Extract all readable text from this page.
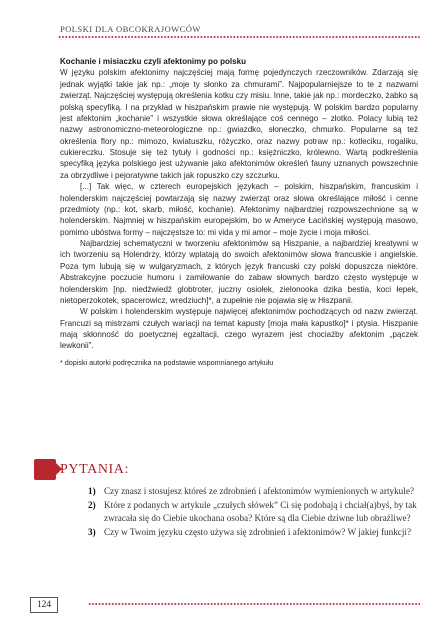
POLSKI DLA OBCOKRAJOWCÓW

Kochanie i misiaczku czyli afektonimy po polsku

W języku polskim afektonimy najczęściej mają formę pojedynczych rzeczowników. Zdarzają się jednak wyjątki takie jak np.: „moje ty słonko za chmurami”. Najpopularniejsze to te z nazwami zwierząt. Najczęściej występują określenia kotku czy misiu. Inne, takie jak np.: mordeczko, żabko są polską specyfiką. I na przykład w hiszpańskim prawie nie występują. W polskim bardzo popularny jest afektonim „kochanie” i wszystkie słowa określające coś cennego – złotko. Polacy lubią też nazwy astronomiczno-meteorologiczne np.: gwiazdko, słoneczko, chmurko. Popularne są też określenia flory np.: mimozo, kwiatuszku, różyczko, oraz nazwy potraw np.: kotleciku, rogaliku, cukiereczku. Stosuje się też tytuły i godności np.: księżniczko, królewno. Wartą podkreślenia specyfiką języka polskiego jest używanie jako afektonimów określeń fauny uznanych powszechnie za obrzydliwe i pejoratywne takich jak ropuszko czy szczurku.

[...] Tak więc, w czterech europejskich językach – polskim, hiszpańskim, francuskim i holenderskim najczęściej powtarzają się nazwy zwierząt oraz słowa określające miłość i cenne przedmioty (np.: kot, skarb, miłość, kochanie). Afektonimy najbardziej rozpowszechnione są w holenderskim. Najmniej w hiszpańskim europejskim, bo w Ameryce Łacińskiej występują masowo, pomimo ubóstwa formy – najczęstsze to: mi vida y mi amor – moje życie i moja miłości.

Najbardziej schematyczni w tworzeniu afektonimów są Hiszpanie, a najbardziej kreatywni w ich tworzeniu są Holendrzy, którzy wplatają do swoich afektonimów słowa francuskie i angielskie. Poza tym lubują się w wulgaryzmach, z których język francuski czy polski dopuszcza niektóre. Abstrakcyjne poczucie humoru i zamiłowanie do zabaw słownych bardzo często występuje w holenderskim [np. niedźwiedź globtroter, juczny osiołek, zielonooka dzika bestia, koci łepek, nietoperzokotek, spacerowicz, wredziuch]*, a zupełnie nie pojawia się w Hiszpanii.

W polskim i holenderskim występuje najwięcej afektonimów pochodzących od nazw zwierząt. Francuzi są mistrzami czułych wariacji na temat kapusty [moja mała kapustko]* i ptysia. Hiszpanie mają skłonność do poetycznej egzaltacji, czego wyrazem jest chociażby afektonim „pączek lewkonii”.

* dopiski autorki podręcznika na podstawie wspomnianego artykułu

PYTANIA:
1) Czy znasz i stosujesz któreś ze zdrobnień i afektonimów wymienionych w artykule?
2) Które z podanych w artykule „czułych słówek” Ci się podobają i chciał(a)byś, by tak zwracała się do Ciebie ukochana osoba? Które są dla Ciebie dziwne lub obraźliwe?
3) Czy w Twoim języku często używa się zdrobnień i afektonimów? W jakiej funkcji?
124
